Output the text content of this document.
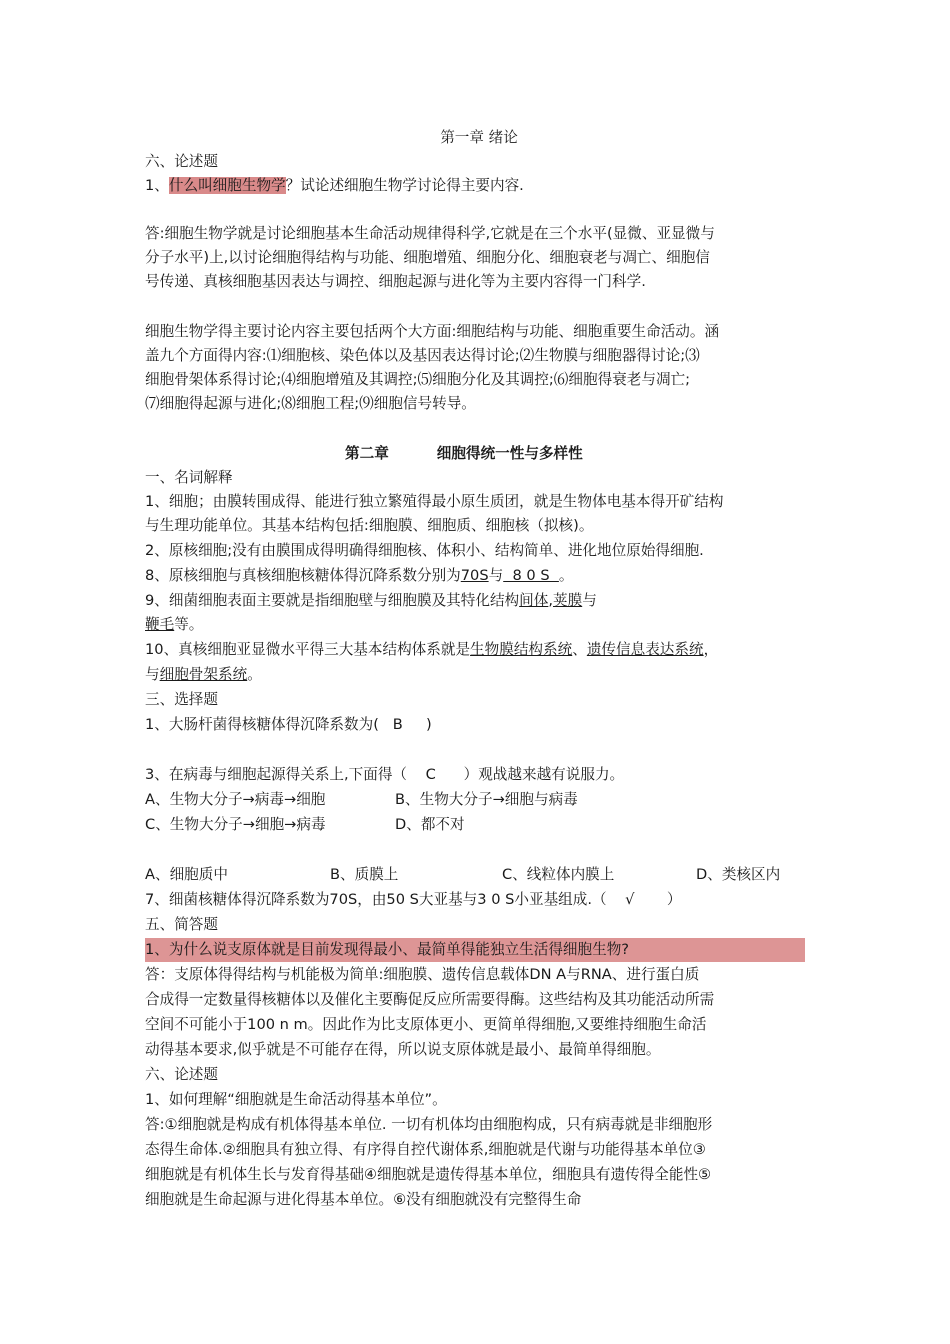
第一章 绪论
六、论述题
1、什么叫细胞生物学？试论述细胞生物学讨论得主要内容.
答:细胞生物学就是讨论细胞基本生命活动规律得科学,它就是在三个水平(显微、亚显微与
分子水平)上,以讨论细胞得结构与功能、细胞增殖、细胞分化、细胞衰老与凋亡、细胞信
号传递、真核细胞基因表达与调控、细胞起源与进化等为主要内容得一门科学.
细胞生物学得主要讨论内容主要包括两个大方面:细胞结构与功能、细胞重要生命活动。涵
盖九个方面得内容:⑴细胞核、染色体以及基因表达得讨论;⑵生物膜与细胞器得讨论;⑶
细胞骨架体系得讨论;⑷细胞增殖及其调控;⑸细胞分化及其调控;⑹细胞得衰老与凋亡;
⑺细胞得起源与进化;⑻细胞工程;⑼细胞信号转导。
第二章	细胞得统一性与多样性
一、名词解释
1、细胞；由膜转围成得、能进行独立繁殖得最小原生质团，就是生物体电基本得开矿结构
与生理功能单位。其基本结构包括:细胞膜、细胞质、细胞核（拟核)。
2、原核细胞;没有由膜围成得明确得细胞核、体积小、结构简单、进化地位原始得细胞.
8、原核细胞与真核细胞核糖体得沉降系数分别为70S与  8 0 S  。
9、细菌细胞表面主要就是指细胞壁与细胞膜及其特化结构间体,荚膜与
鞭毛等。
10、真核细胞亚显微水平得三大基本结构体系就是生物膜结构系统、遗传信息表达系统，
与细胞骨架系统。
三、选择题
1、大肠杆菌得核糖体得沉降系数为(   B     )

3、在病毒与细胞起源得关系上,下面得（    C      ）观战越来越有说服力。
A、生物大分子→病毒→细胞	B、生物大分子→细胞与病毒
C、生物大分子→细胞→病毒	D、都不对

A、细胞质中	B、质膜上	C、线粒体内膜上	D、类核区内
7、细菌核糖体得沉降系数为70S，由50 S大亚基与3 0 S小亚基组成.（    √       ）
五、简答题
1、为什么说支原体就是目前发现得最小、最简单得能独立生活得细胞生物?
答：支原体得得结构与机能极为简单:细胞膜、遗传信息载体DN A与RNA、进行蛋白质
合成得一定数量得核糖体以及催化主要酶促反应所需要得酶。这些结构及其功能活动所需
空间不可能小于100 n m。因此作为比支原体更小、更简单得细胞,又要维持细胞生命活
动得基本要求,似乎就是不可能存在得，所以说支原体就是最小、最简单得细胞。
六、论述题
1、如何理解“细胞就是生命活动得基本单位”。
答:①细胞就是构成有机体得基本单位. 一切有机体均由细胞构成，只有病毒就是非细胞形
态得生命体.②细胞具有独立得、有序得自控代谢体系,细胞就是代谢与功能得基本单位③
细胞就是有机体生长与发育得基础④细胞就是遗传得基本单位，细胞具有遗传得全能性⑤
细胞就是生命起源与进化得基本单位。⑥没有细胞就没有完整得生命
